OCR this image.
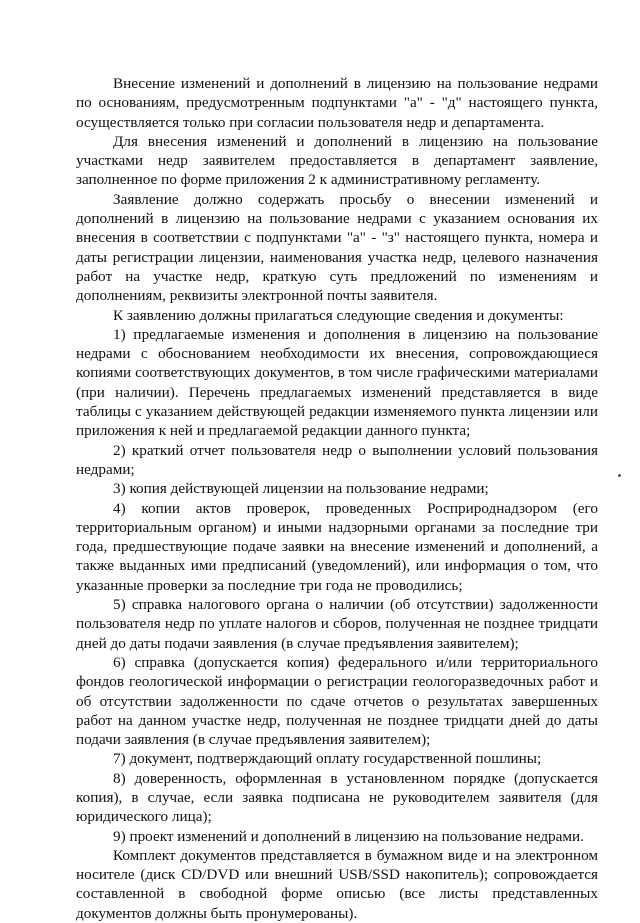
Внесение изменений и дополнений в лицензию на пользование недрами по основаниям, предусмотренным подпунктами "а" - "д" настоящего пункта, осуществляется только при согласии пользователя недр и департамента.

Для внесения изменений и дополнений в лицензию на пользование участками недр заявителем предоставляется в департамент заявление, заполненное по форме приложения 2 к административному регламенту.

Заявление должно содержать просьбу о внесении изменений и дополнений в лицензию на пользование недрами с указанием основания их внесения в соответствии с подпунктами "а" - "з" настоящего пункта, номера и даты регистрации лицензии, наименования участка недр, целевого назначения работ на участке недр, краткую суть предложений по изменениям и дополнениям, реквизиты электронной почты заявителя.

К заявлению должны прилагаться следующие сведения и документы:

1) предлагаемые изменения и дополнения в лицензию на пользование недрами с обоснованием необходимости их внесения, сопровождающиеся копиями соответствующих документов, в том числе графическими материалами (при наличии). Перечень предлагаемых изменений представляется в виде таблицы с указанием действующей редакции изменяемого пункта лицензии или приложения к ней и предлагаемой редакции данного пункта;

2) краткий отчет пользователя недр о выполнении условий пользования недрами;

3) копия действующей лицензии на пользование недрами;

4) копии актов проверок, проведенных Росприроднадзором (его территориальным органом) и иными надзорными органами за последние три года, предшествующие подаче заявки на внесение изменений и дополнений, а также выданных ими предписаний (уведомлений), или информация о том, что указанные проверки за последние три года не проводились;

5) справка налогового органа о наличии (об отсутствии) задолженности пользователя недр по уплате налогов и сборов, полученная не позднее тридцати дней до даты подачи заявления (в случае предъявления заявителем);

6) справка (допускается копия) федерального и/или территориального фондов геологической информации о регистрации геологоразведочных работ и об отсутствии задолженности по сдаче отчетов о результатах завершенных работ на данном участке недр, полученная не позднее тридцати дней до даты подачи заявления (в случае предъявления заявителем);

7) документ, подтверждающий оплату государственной пошлины;

8) доверенность, оформленная в установленном порядке (допускается копия), в случае, если заявка подписана не руководителем заявителя (для юридического лица);

9) проект изменений и дополнений в лицензию на пользование недрами.

Комплект документов представляется в бумажном виде и на электронном носителе (диск CD/DVD или внешний USB/SSD накопитель); сопровождается составленной в свободной форме описью (все листы представленных документов должны быть пронумерованы).
